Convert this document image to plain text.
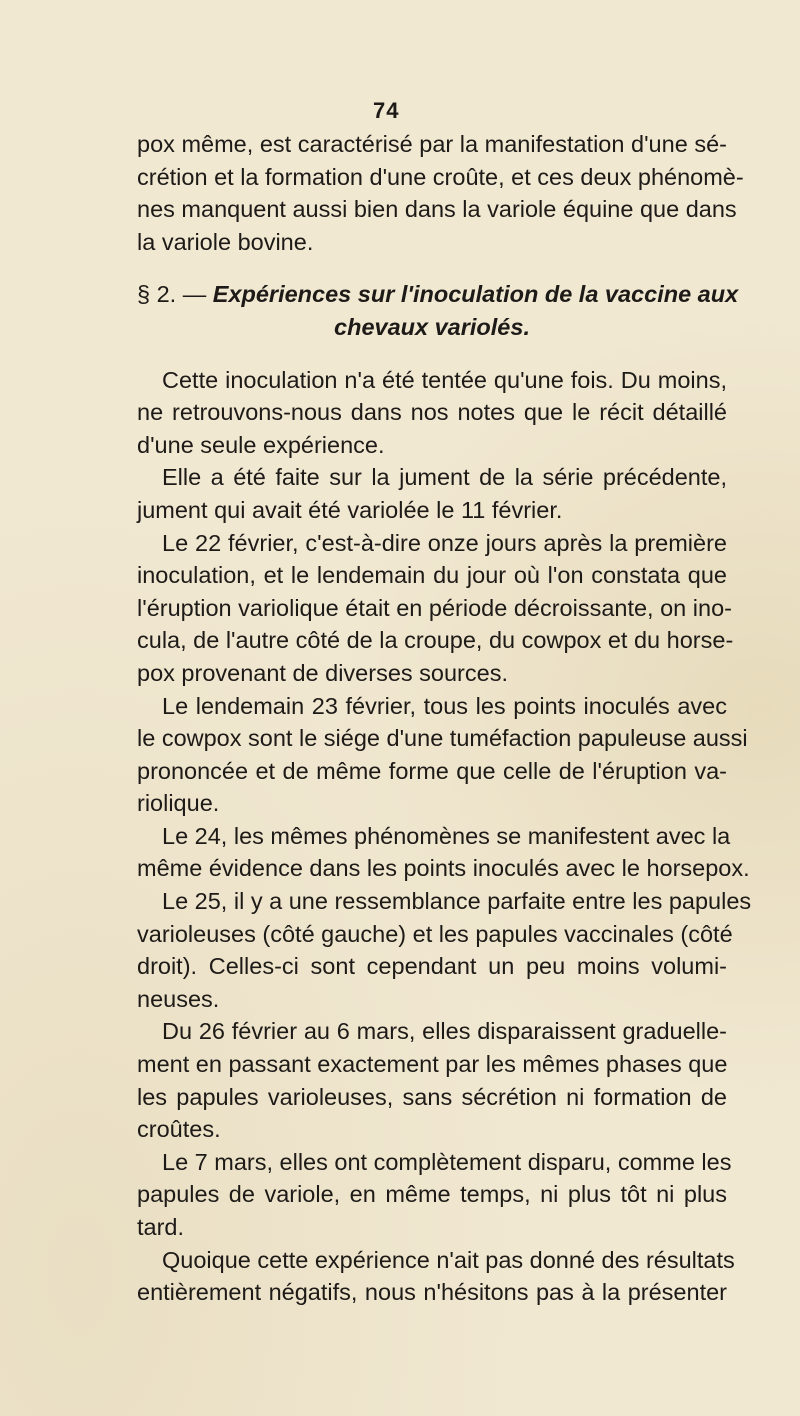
74
pox même, est caractérisé par la manifestation d'une sé-
crétion et la formation d'une croûte, et ces deux phénomè-
nes manquent aussi bien dans la variole équine que dans
la variole bovine.
§ 2. — Expériences sur l'inoculation de la vaccine aux
chevaux variolés.
Cette inoculation n'a été tentée qu'une fois. Du moins,
ne retrouvons-nous dans nos notes que le récit détaillé
d'une seule expérience.
Elle a été faite sur la jument de la série précédente,
jument qui avait été variolée le 11 février.
Le 22 février, c'est-à-dire onze jours après la première
inoculation, et le lendemain du jour où l'on constata que
l'éruption variolique était en période décroissante, on ino-
cula, de l'autre côté de la croupe, du cowpox et du horse-
pox provenant de diverses sources.
Le lendemain 23 février, tous les points inoculés avec
le cowpox sont le siége d'une tuméfaction papuleuse aussi
prononcée et de même forme que celle de l'éruption va-
riolique.
Le 24, les mêmes phénomènes se manifestent avec la
même évidence dans les points inoculés avec le horsepox.
Le 25, il y a une ressemblance parfaite entre les papules
varioleuses (côté gauche) et les papules vaccinales (côté
droit). Celles-ci sont cependant un peu moins volumi-
neuses.
Du 26 février au 6 mars, elles disparaissent graduelle-
ment en passant exactement par les mêmes phases que
les papules varioleuses, sans sécrétion ni formation de
croûtes.
Le 7 mars, elles ont complètement disparu, comme les
papules de variole, en même temps, ni plus tôt ni plus
tard.
Quoique cette expérience n'ait pas donné des résultats
entièrement négatifs, nous n'hésitons pas à la présenter
